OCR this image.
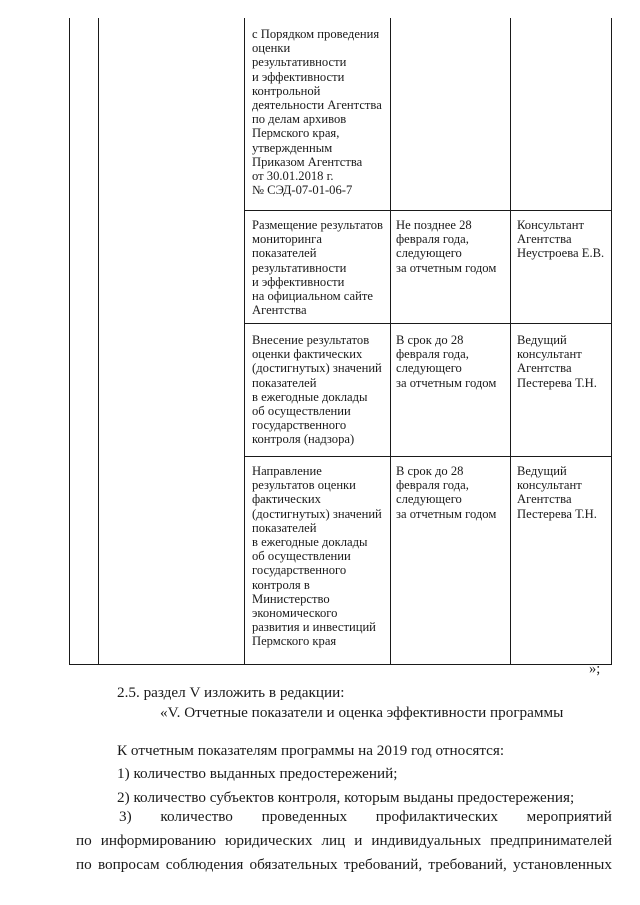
с Порядком проведения
оценки
результативности
и эффективности
контрольной
деятельности Агентства
по делам архивов
Пермского края,
утвержденным
Приказом Агентства
от 30.01.2018 г.
№ СЭД-07-01-06-7

Размещение результатов
мониторинга
показателей
результативности
и эффективности
на официальном сайте
Агентства

Не позднее 28
февраля года,
следующего
за отчетным годом

Консультант
Агентства
Неустроева Е.В.

Внесение результатов
оценки фактических
(достигнутых) значений
показателей
в ежегодные доклады
об осуществлении
государственного
контроля (надзора)

В срок до 28
февраля года,
следующего
за отчетным годом

Ведущий
консультант
Агентства
Пестерева Т.Н.

Направление
результатов оценки
фактических
(достигнутых) значений
показателей
в ежегодные доклады
об осуществлении
государственного
контроля в
Министерство
экономического
развития и инвестиций
Пермского края

В срок до 28
февраля года,
следующего
за отчетным годом

Ведущий
консультант
Агентства
Пестерева Т.Н.

»;

2.5. раздел V изложить в редакции:

«V. Отчетные показатели и оценка эффективности программы

К отчетным показателям программы на 2019 год относятся:

1) количество выданных предостережений;

2) количество субъектов контроля, которым выданы предостережения;

3) количество проведенных профилактических мероприятий
по информированию юридических лиц и индивидуальных предпринимателей
по вопросам соблюдения обязательных требований, требований, установленных
